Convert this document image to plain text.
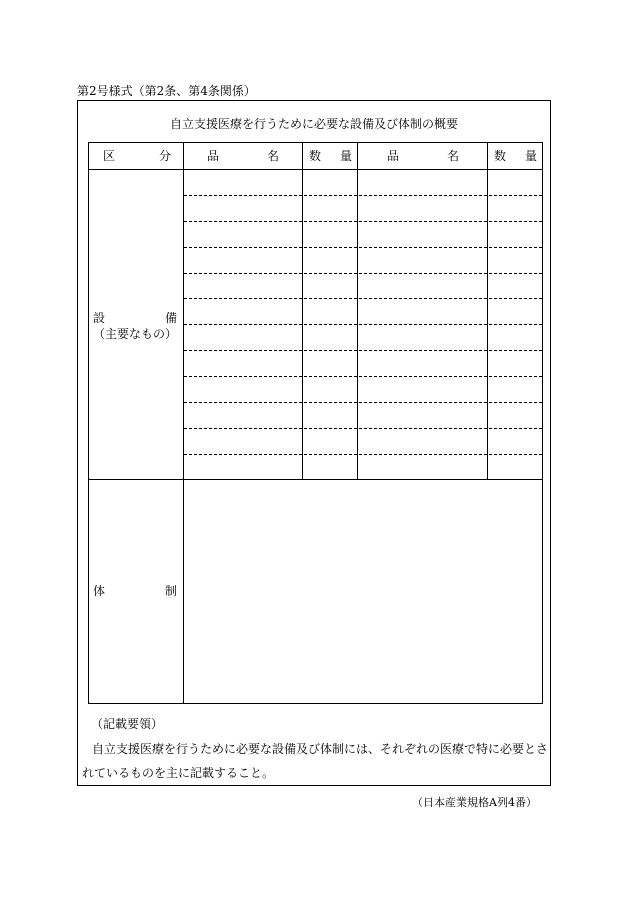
第2号様式（第2条、第4条関係）
自立支援医療を行うために必要な設備及び体制の概要
区	分	品	名	数 量	品	名	数 量
設	備
（主要なもの）
体	制
（記載要領）
自立支援医療を行うために必要な設備及び体制には、それぞれの医療で特に必要とさ
れているものを主に記載すること。
（日本産業規格A列4番）
